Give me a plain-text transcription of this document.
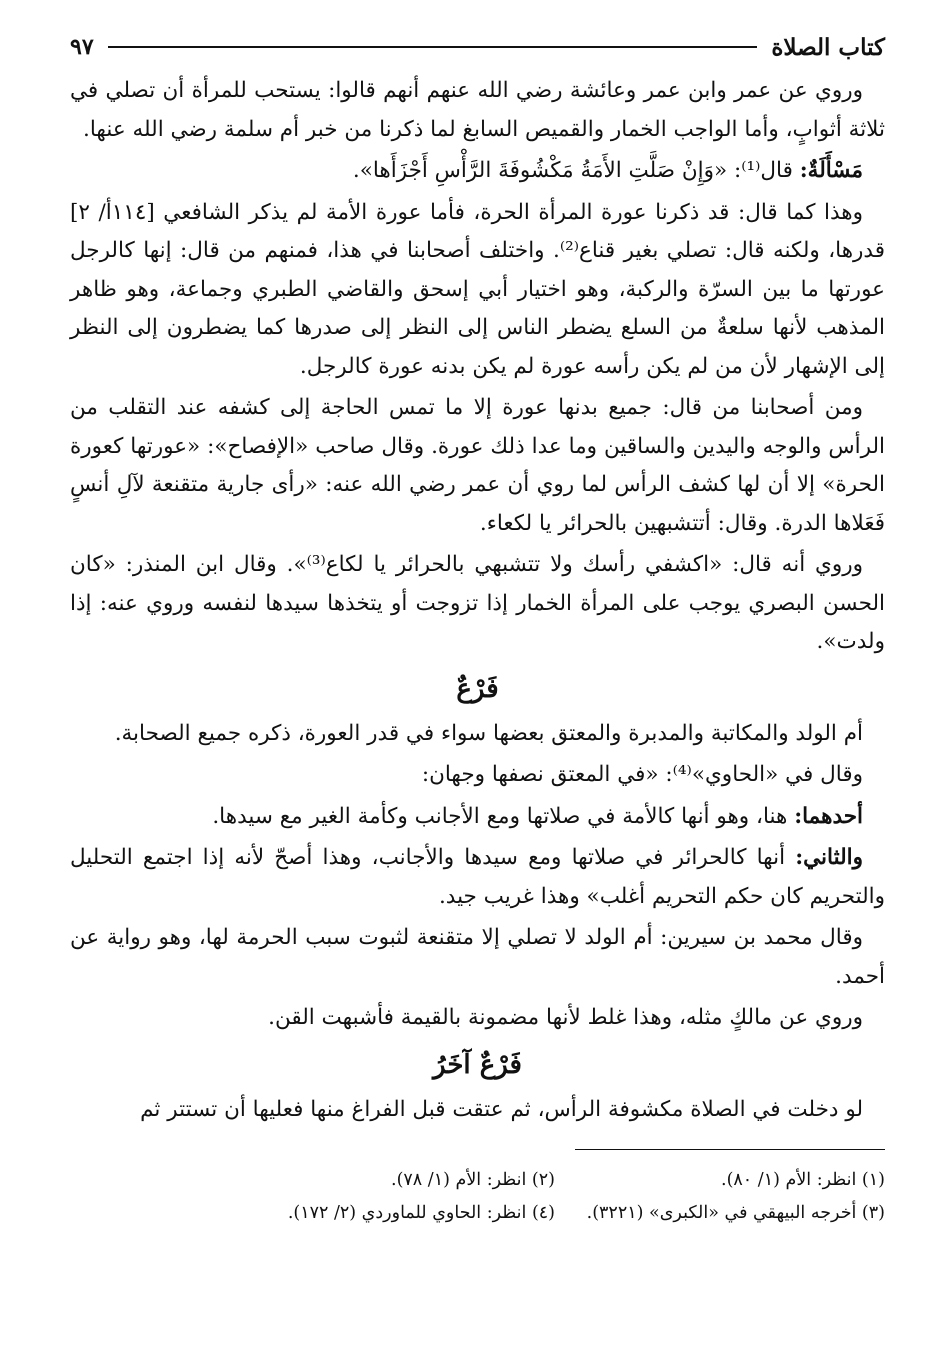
كتاب الصلاة
٩٧

وروي عن عمر وابن عمر وعائشة رضي الله عنهم أنهم قالوا: يستحب للمرأة أن تصلي في ثلاثة أثوابٍ، وأما الواجب الخمار والقميص السابغ لما ذكرنا من خبر أم سلمة رضي الله عنها.

مَسْأَلَةٌ: قال⁽¹⁾: «وَإِنْ صَلَّتِ الأَمَةُ مَكْشُوفَةَ الرَّأْسِ أَجْزَأَها».

وهذا كما قال: قد ذكرنا عورة المرأة الحرة، فأما عورة الأمة لم يذكر الشافعي [١١٤أ/ ٢] قدرها، ولكنه قال: تصلي بغير قناع⁽²⁾. واختلف أصحابنا في هذا، فمنهم من قال: إنها كالرجل عورتها ما بين السرّة والركبة، وهو اختيار أبي إسحق والقاضي الطبري وجماعة، وهو ظاهر المذهب لأنها سلعةٌ من السلع يضطر الناس إلى النظر إلى صدرها كما يضطرون إلى النظر إلى الإشهار لأن من لم يكن رأسه عورة لم يكن بدنه عورة كالرجل.

ومن أصحابنا من قال: جميع بدنها عورة إلا ما تمس الحاجة إلى كشفه عند التقلب من الرأس والوجه واليدين والساقين وما عدا ذلك عورة. وقال صاحب «الإفصاح»: «عورتها كعورة الحرة» إلا أن لها كشف الرأس لما روي أن عمر رضي الله عنه: «رأى جارية متقنعة لآلِ أنسٍ فَعَلاها الدرة. وقال: أتتشبهين بالحرائر يا لكعاء.

وروي أنه قال: «اكشفي رأسك ولا تتشبهي بالحرائر يا لكاع⁽³⁾». وقال ابن المنذر: «كان الحسن البصري يوجب على المرأة الخمار إذا تزوجت أو يتخذها سيدها لنفسه وروي عنه: إذا ولدت».

فَرْعٌ

أم الولد والمكاتبة والمدبرة والمعتق بعضها سواء في قدر العورة، ذكره جميع الصحابة.

وقال في «الحاوي»⁽⁴⁾: «في المعتق نصفها وجهان:

أحدهما: هنا، وهو أنها كالأمة في صلاتها ومع الأجانب وكأمة الغير مع سيدها.

والثاني: أنها كالحرائر في صلاتها ومع سيدها والأجانب، وهذا أصحّ لأنه إذا اجتمع التحليل والتحريم كان حكم التحريم أغلب» وهذا غريب جيد.

وقال محمد بن سيرين: أم الولد لا تصلي إلا متقنعة لثبوت سبب الحرمة لها، وهو رواية عن أحمد.

وروي عن مالكٍ مثله، وهذا غلط لأنها مضمونة بالقيمة فأشبهت القن.

فَرْعٌ آخَرُ

لو دخلت في الصلاة مكشوفة الرأس، ثم عتقت قبل الفراغ منها فعليها أن تستتر ثم

(١) انظر: الأم (١/ ٨٠).
(٢) انظر: الأم (١/ ٧٨).
(٣) أخرجه البيهقي في «الكبرى» (٣٢٢١).
(٤) انظر: الحاوي للماوردي (٢/ ١٧٢).
